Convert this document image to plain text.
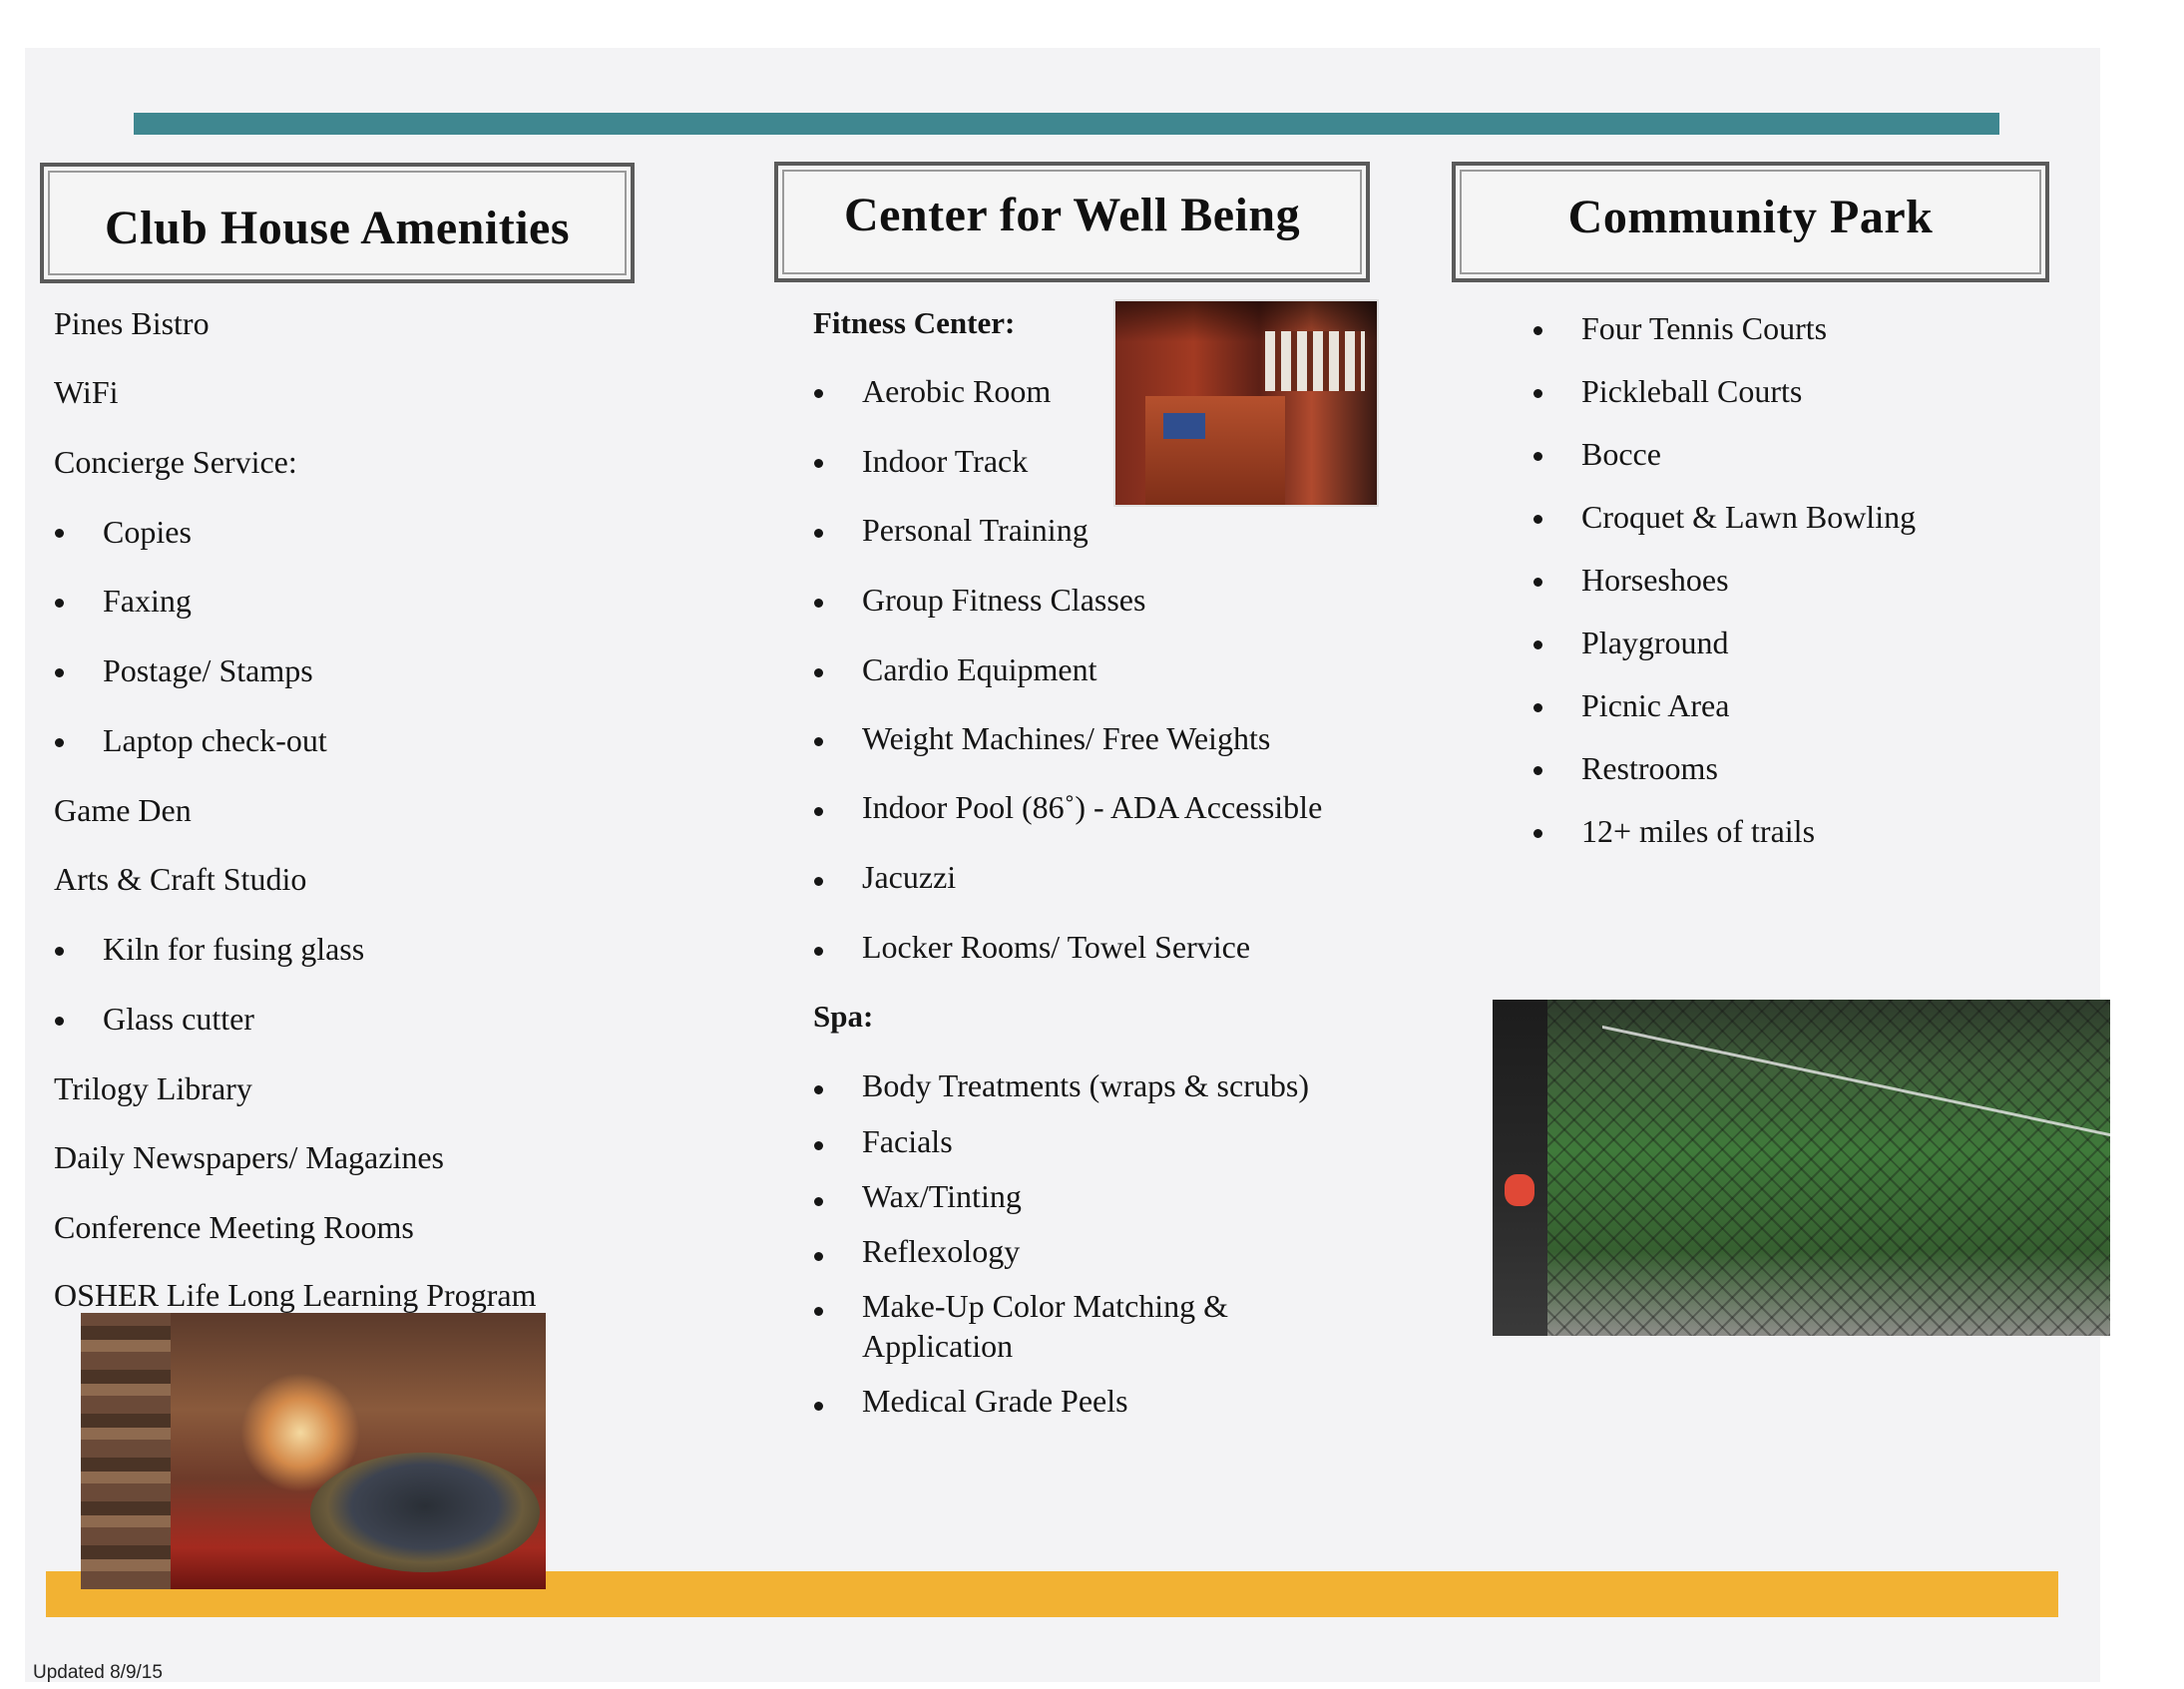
Club House Amenities	Center for Well Being	Community Park
Pines Bistro
WiFi
Concierge Service:
Copies
Faxing
Postage/ Stamps
Laptop check-out
Game Den
Arts & Craft Studio
Kiln for fusing glass
Glass cutter
Trilogy Library
Daily Newspapers/ Magazines
Conference Meeting Rooms
OSHER Life Long Learning Program
Fitness Center:
Aerobic Room
Indoor Track
Personal Training
Group Fitness Classes
Cardio Equipment
Weight Machines/ Free Weights
Indoor Pool (86˚) - ADA Accessible
Jacuzzi
Locker Rooms/ Towel Service
Spa:
Body Treatments (wraps & scrubs)
Facials
Wax/Tinting
Reflexology
Make-Up Color Matching &
Application
Medical Grade Peels
Four Tennis Courts
Pickleball Courts
Bocce
Croquet & Lawn Bowling
Horseshoes
Playground
Picnic Area
Restrooms
12+ miles of trails
Updated 8/9/15
